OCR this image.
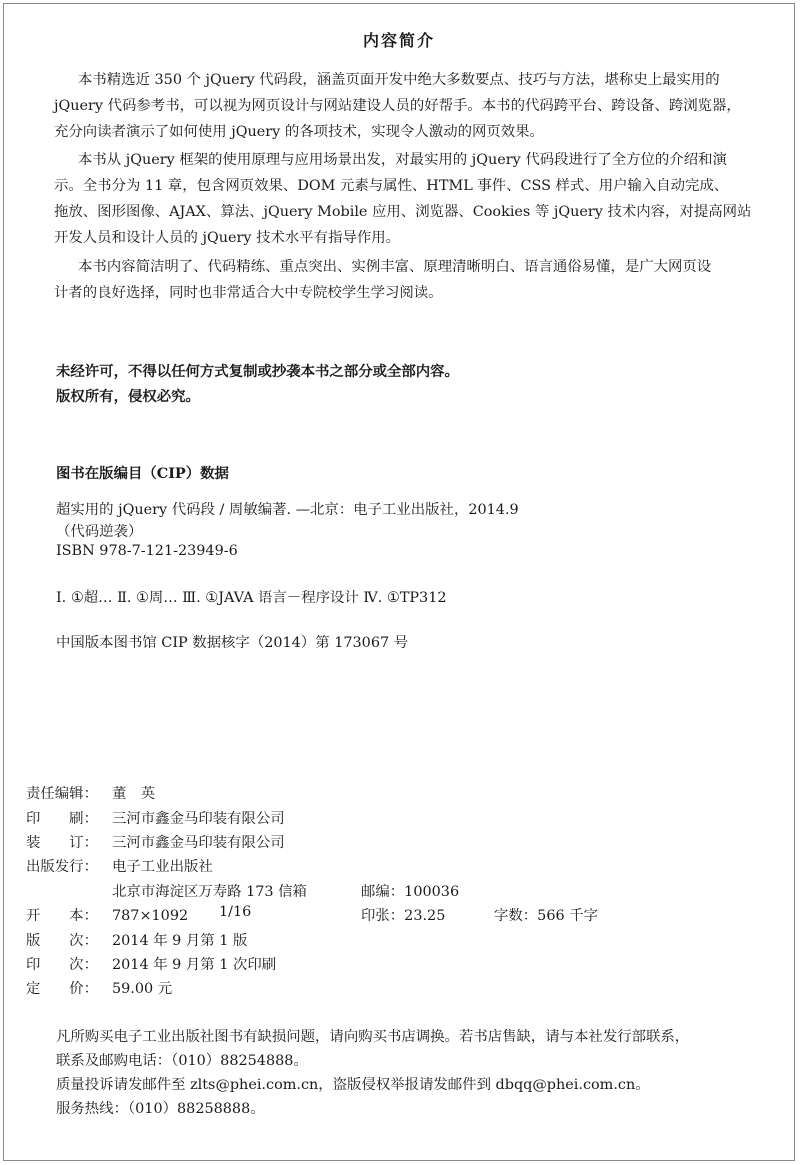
内容简介

本书精选近 350 个 jQuery 代码段，涵盖页面开发中绝大多数要点、技巧与方法，堪称史上最实用的

jQuery 代码参考书，可以视为网页设计与网站建设人员的好帮手。本书的代码跨平台、跨设备、跨浏览器，

充分向读者演示了如何使用 jQuery 的各项技术，实现令人激动的网页效果。

本书从 jQuery 框架的使用原理与应用场景出发，对最实用的 jQuery 代码段进行了全方位的介绍和演

示。全书分为 11 章，包含网页效果、DOM 元素与属性、HTML 事件、CSS 样式、用户输入自动完成、

拖放、图形图像、AJAX、算法、jQuery Mobile 应用、浏览器、Cookies 等 jQuery 技术内容，对提高网站

开发人员和设计人员的 jQuery 技术水平有指导作用。

本书内容简洁明了、代码精练、重点突出、实例丰富、原理清晰明白、语言通俗易懂，是广大网页设

计者的良好选择，同时也非常适合大中专院校学生学习阅读。

未经许可，不得以任何方式复制或抄袭本书之部分或全部内容。
版权所有，侵权必究。
图书在版编目（CIP）数据
超实用的 jQuery 代码段 / 周敏编著. —北京：电子工业出版社，2014.9
（代码逆袭）
ISBN 978-7-121-23949-6
Ⅰ. ①超… Ⅱ. ①周… Ⅲ. ①JAVA 语言－程序设计 Ⅳ. ①TP312
中国版本图书馆 CIP 数据核字（2014）第 173067 号
责任编辑： 董　英
印　　刷： 三河市鑫金马印装有限公司
装　　订： 三河市鑫金马印装有限公司
出版发行： 电子工业出版社
北京市海淀区万寿路 173 信箱	邮编：100036
开　　本： 787×1092 1/16	印张：23.25	字数：566 千字
版　　次： 2014 年 9 月第 1 版
印　　次： 2014 年 9 月第 1 次印刷
定　　价： 59.00 元
凡所购买电子工业出版社图书有缺损问题，请向购买书店调换。若书店售缺，请与本社发行部联系，
联系及邮购电话：（010）88254888。
质量投诉请发邮件至 zlts@phei.com.cn，盗版侵权举报请发邮件到 dbqq@phei.com.cn。
服务热线：（010）88258888。
